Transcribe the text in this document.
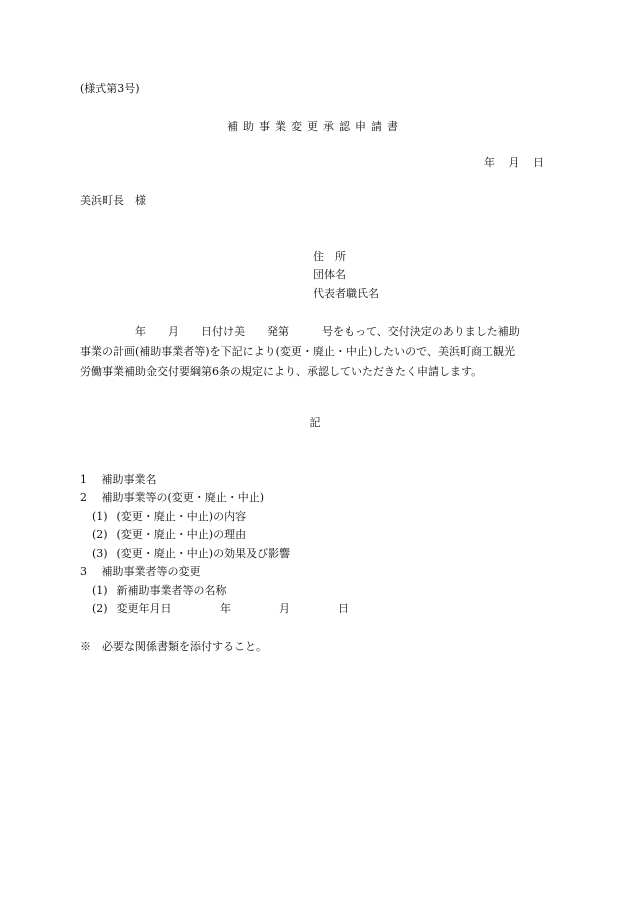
(様式第3号)
補助事業変更承認申請書
年 月 日
美浜町長　様
住　所
団体名
代表者職氏名
　　　　　年　　月　　日付け美　　発第　　　号をもって、交付決定のありました補助
事業の計画(補助事業者等)を下記により(変更・廃止・中止)したいので、美浜町商工観光
労働事業補助金交付要綱第6条の規定により、承認していただきたく申請します。
記
1 補助事業名
2 補助事業等の(変更・廃止・中止)
(1) (変更・廃止・中止)の内容
(2) (変更・廃止・中止)の理由
(3) (変更・廃止・中止)の効果及び影響
3 補助事業者等の変更
(1) 新補助事業者等の名称
(2) 変更年月日	年	月	日
※　必要な関係書類を添付すること。
